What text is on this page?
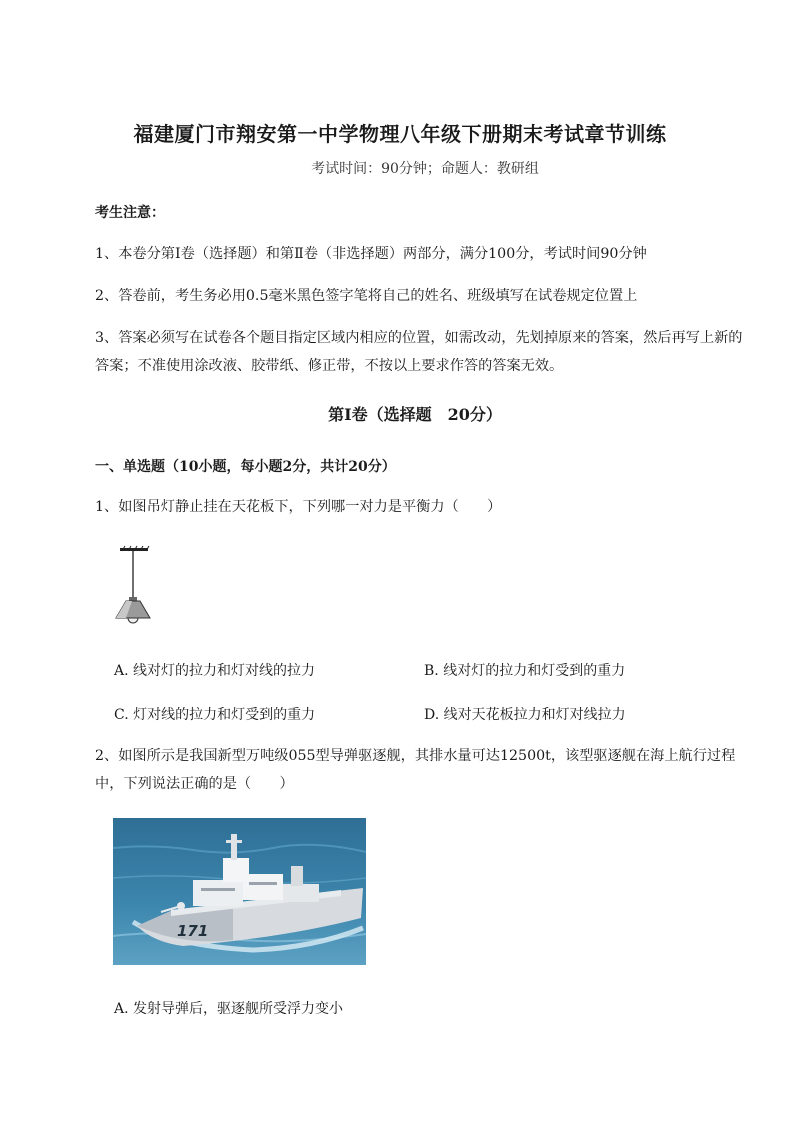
福建厦门市翔安第一中学物理八年级下册期末考试章节训练
考试时间：90分钟；命题人：教研组
考生注意：
1、本卷分第I卷（选择题）和第Ⅱ卷（非选择题）两部分，满分100分，考试时间90分钟
2、答卷前，考生务必用0.5毫米黑色签字笔将自己的姓名、班级填写在试卷规定位置上
3、答案必须写在试卷各个题目指定区域内相应的位置，如需改动，先划掉原来的答案，然后再写上新的答案；不准使用涂改液、胶带纸、修正带，不按以上要求作答的答案无效。
第I卷（选择题　20分）
一、单选题（10小题，每小题2分，共计20分）
1、如图吊灯静止挂在天花板下，下列哪一对力是平衡力（　　）
A. 线对灯的拉力和灯对线的拉力	B. 线对灯的拉力和灯受到的重力
C. 灯对线的拉力和灯受到的重力	D. 线对天花板拉力和灯对线拉力
2、如图所示是我国新型万吨级055型导弹驱逐舰，其排水量可达12500t，该型驱逐舰在海上航行过程中，下列说法正确的是（　　）
171
A. 发射导弹后，驱逐舰所受浮力变小
